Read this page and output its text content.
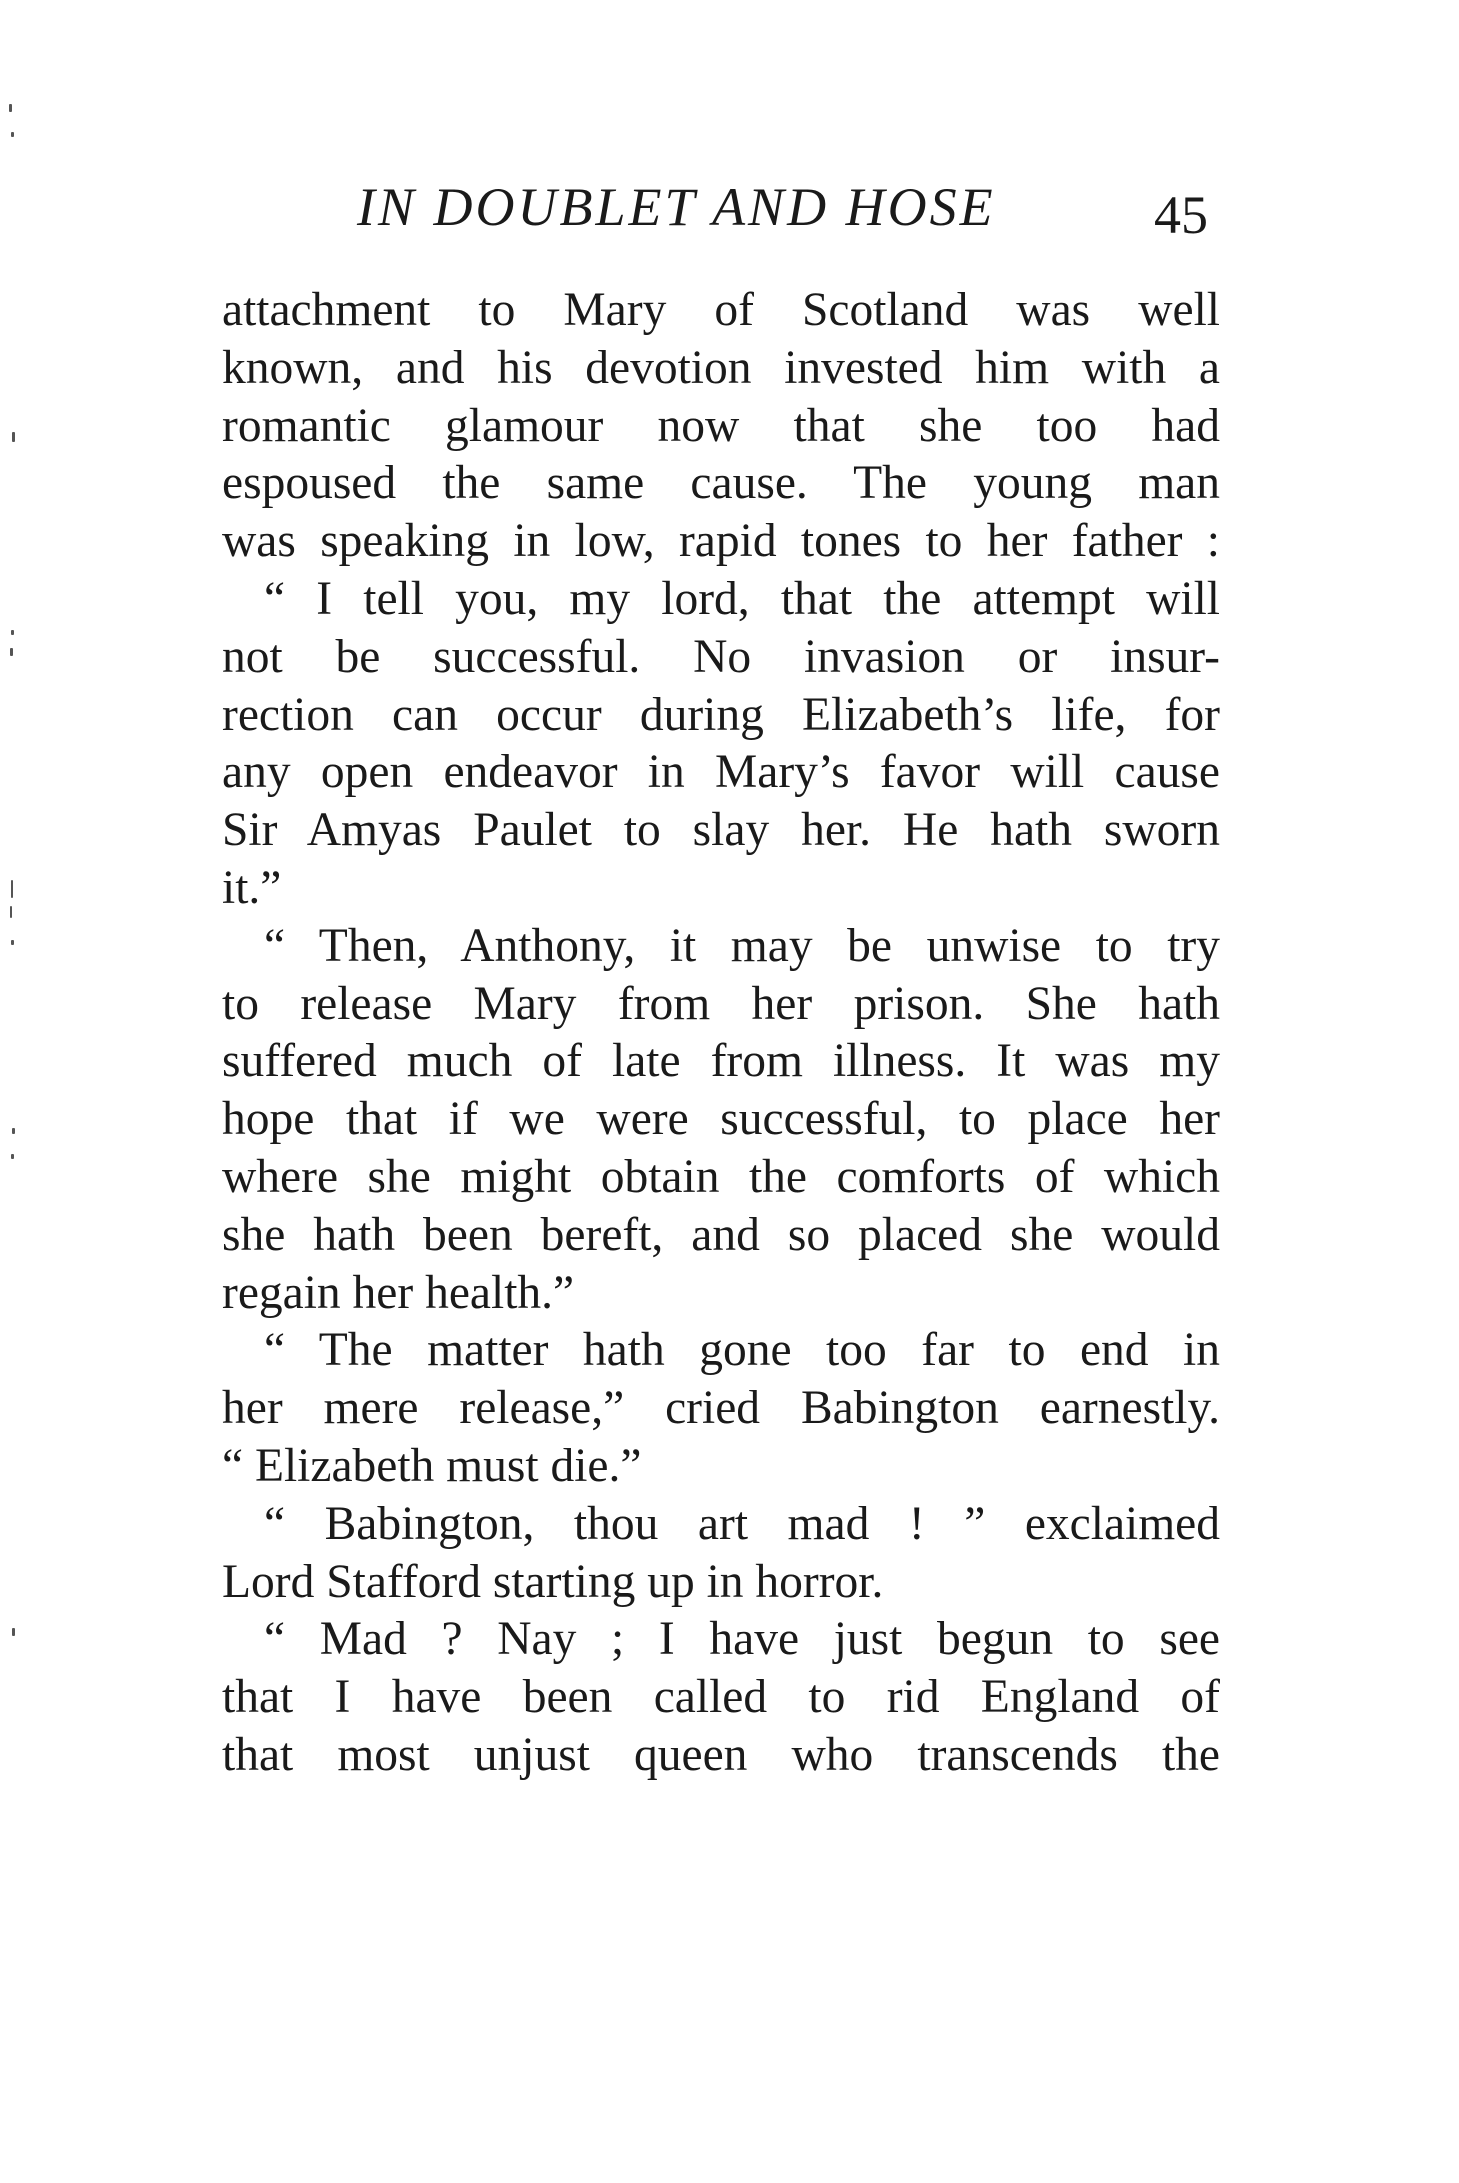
IN DOUBLET AND HOSE	45
attachment to Mary of Scotland was well
known, and his devotion invested him with a
romantic glamour now that she too had
espoused the same cause. The young man
was speaking in low, rapid tones to her father :
“ I tell you, my lord, that the attempt will
not be successful. No invasion or insur-
rection can occur during Elizabeth’s life, for
any open endeavor in Mary’s favor will cause
Sir Amyas Paulet to slay her. He hath sworn
it.”
“ Then, Anthony, it may be unwise to try
to release Mary from her prison. She hath
suffered much of late from illness. It was my
hope that if we were successful, to place her
where she might obtain the comforts of which
she hath been bereft, and so placed she would
regain her health.”
“ The matter hath gone too far to end in
her mere release,” cried Babington earnestly.
“ Elizabeth must die.”
“ Babington, thou art mad ! ” exclaimed
Lord Stafford starting up in horror.
“ Mad ? Nay ; I have just begun to see
that I have been called to rid England of
that most unjust queen who transcends the
